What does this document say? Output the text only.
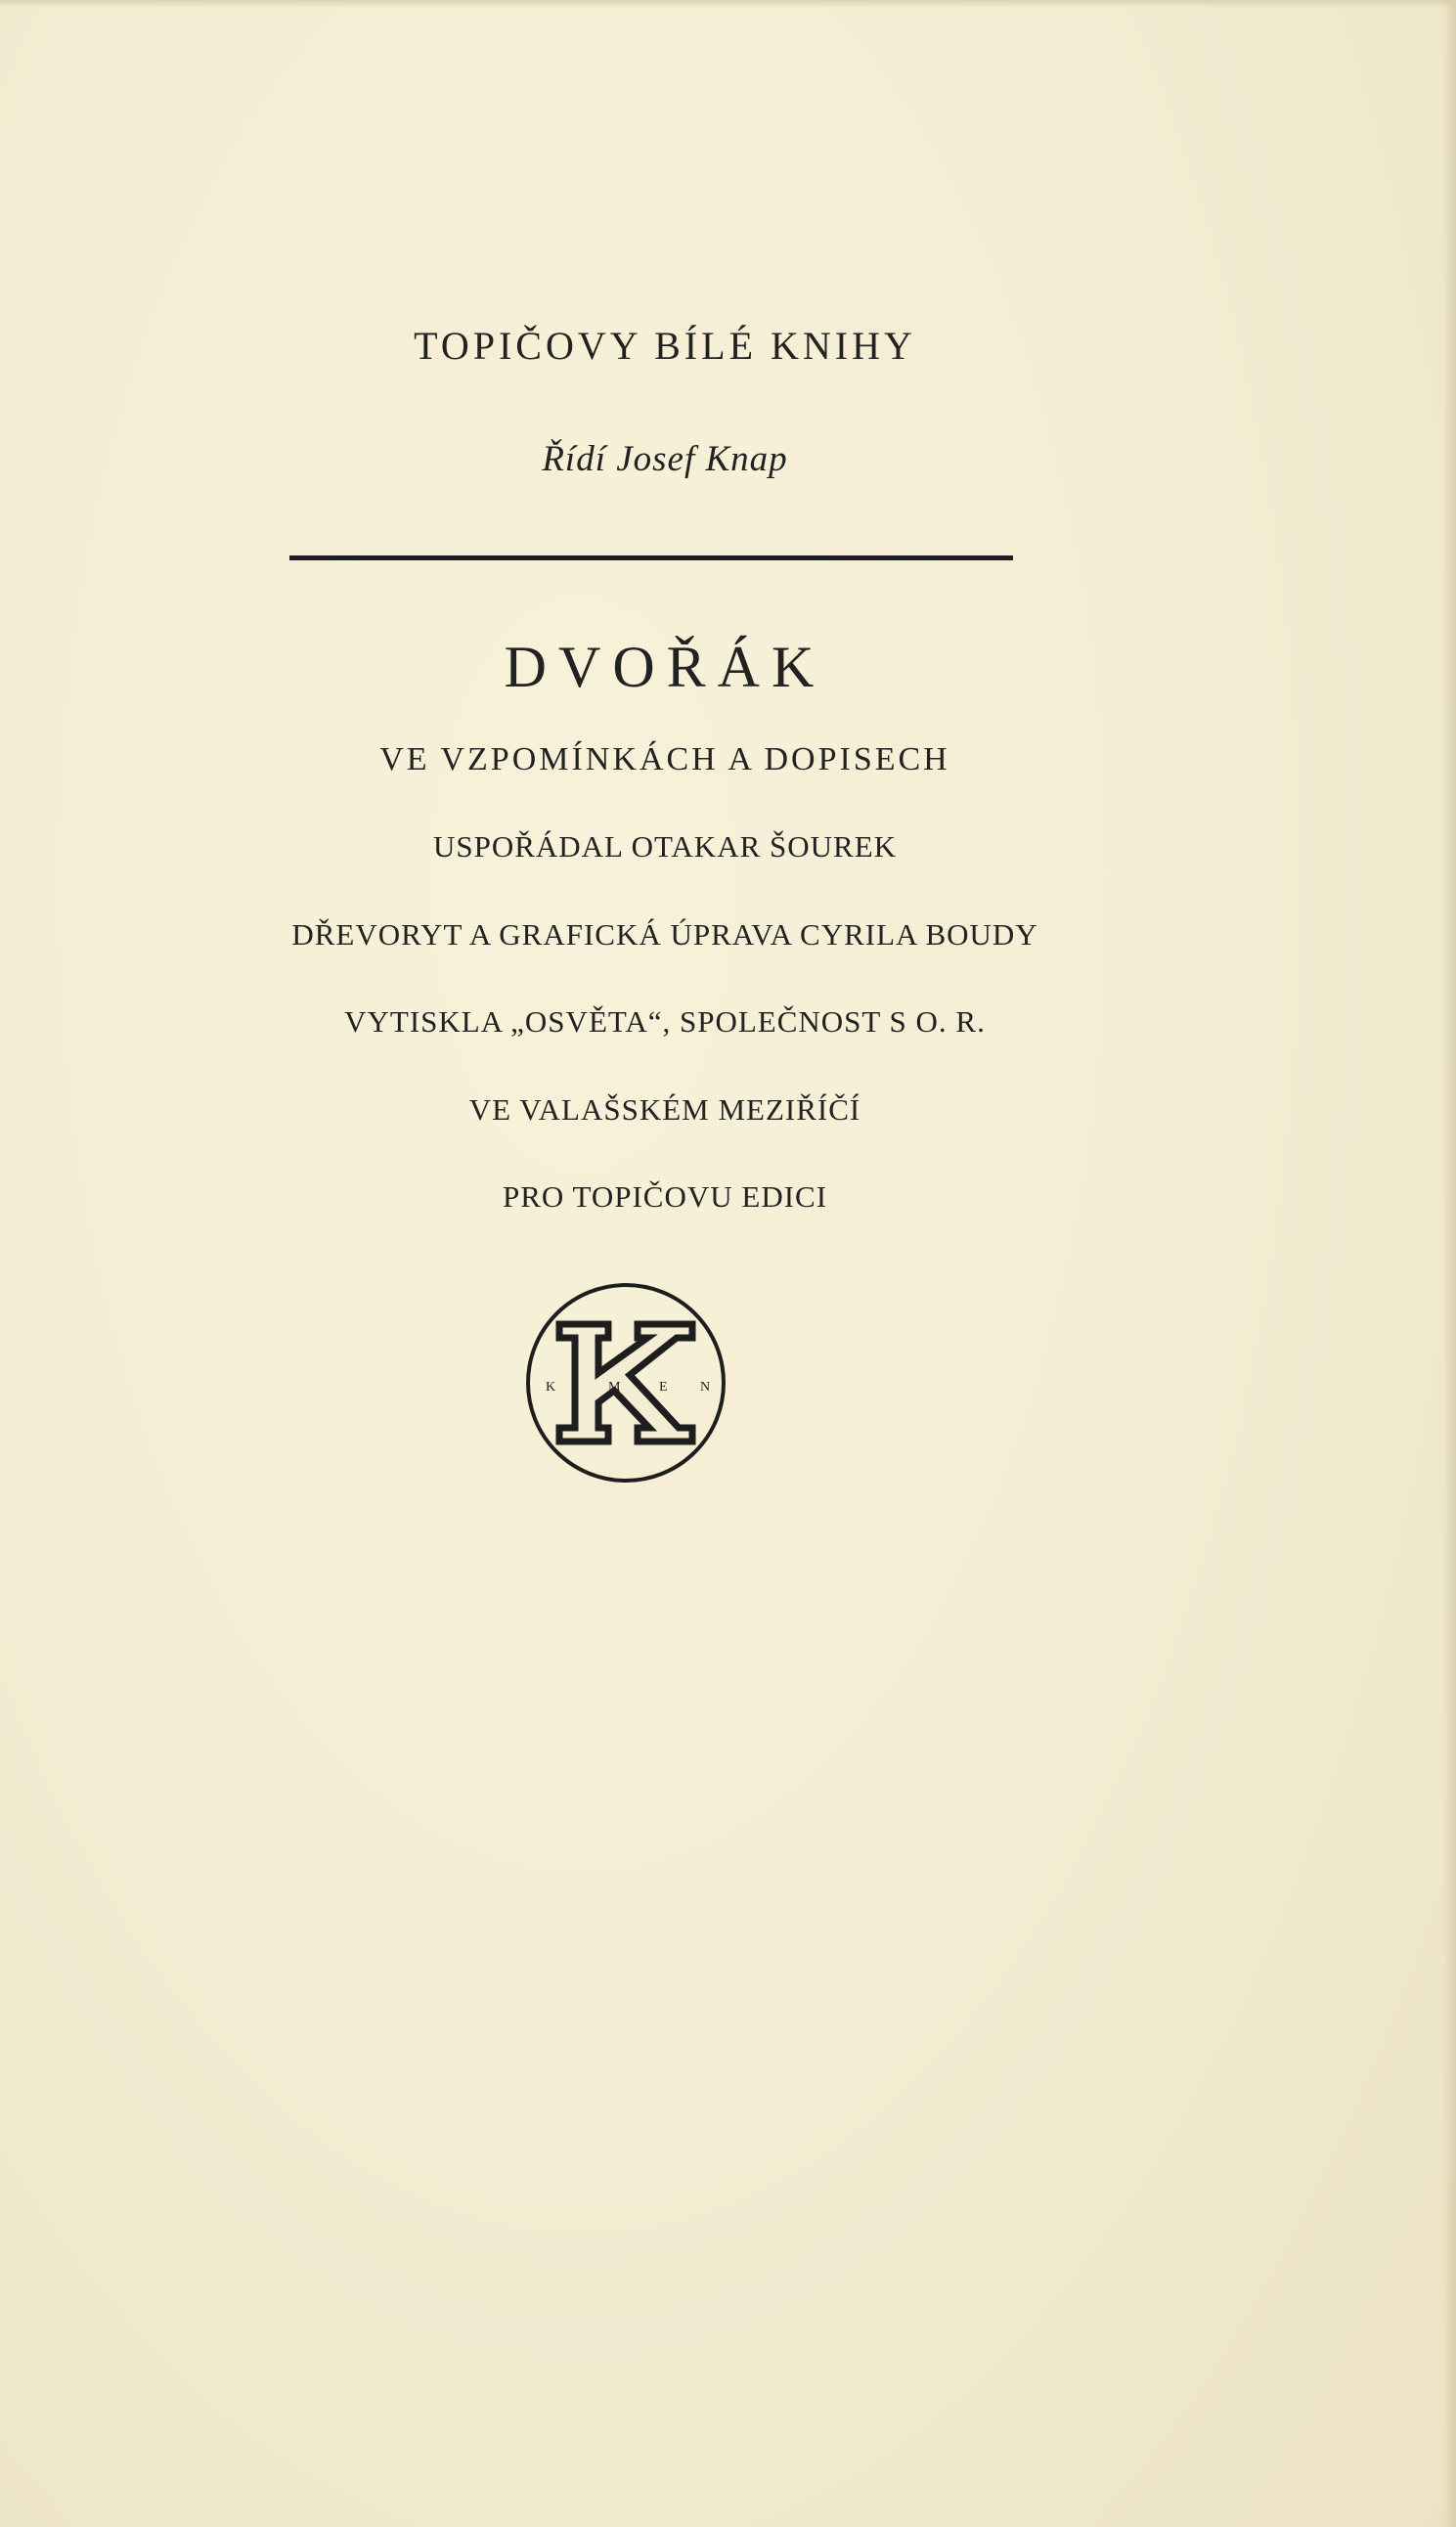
TOPIČOVY BÍLÉ KNIHY
Řídí Josef Knap
DVOŘÁK
VE VZPOMÍNKÁCH A DOPISECH
USPOŘÁDAL OTAKAR ŠOUREK
DŘEVORYT A GRAFICKÁ ÚPRAVA CYRILA BOUDY
VYTISKLA „OSVĚTA“, SPOLEČNOST S O. R.
VE VALAŠSKÉM MEZIŘÍČÍ
PRO TOPIČOVU EDICI
K	M	E N
